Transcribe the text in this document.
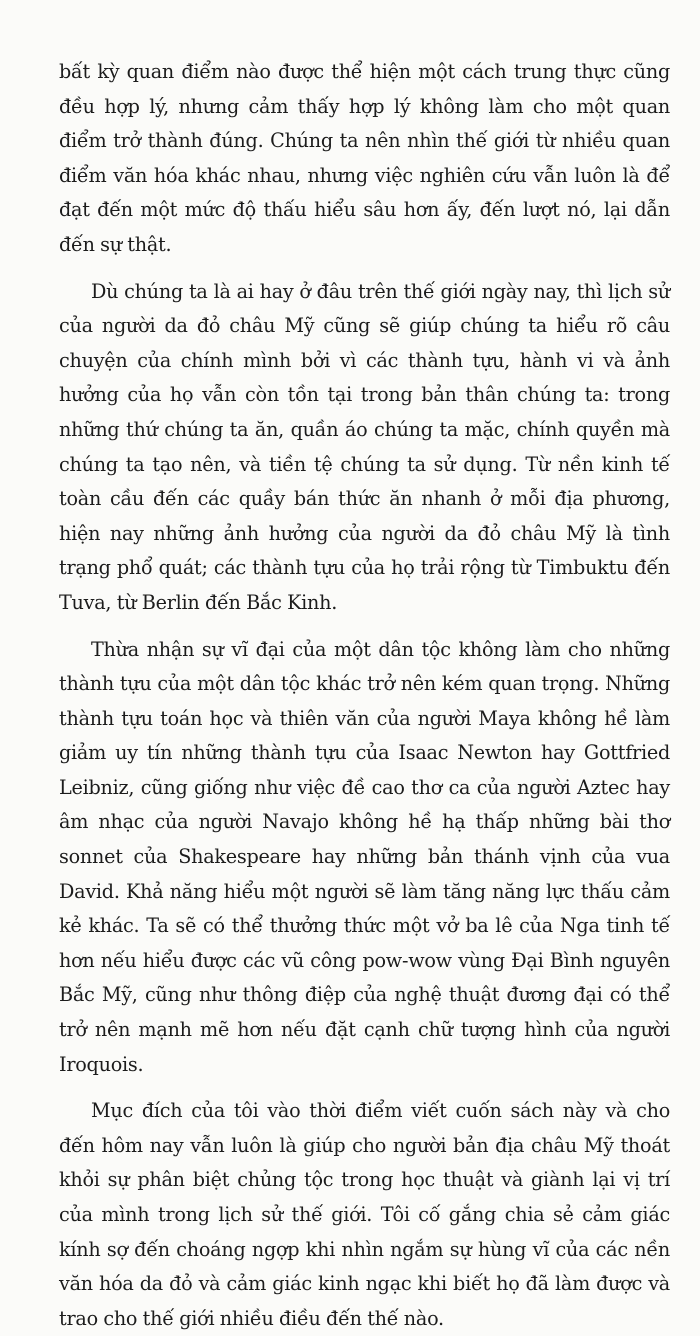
bất kỳ quan điểm nào được thể hiện một cách trung thực cũng đều hợp lý, nhưng cảm thấy hợp lý không làm cho một quan điểm trở thành đúng. Chúng ta nên nhìn thế giới từ nhiều quan điểm văn hóa khác nhau, nhưng việc nghiên cứu vẫn luôn là để đạt đến một mức độ thấu hiểu sâu hơn ấy, đến lượt nó, lại dẫn đến sự thật.

Dù chúng ta là ai hay ở đâu trên thế giới ngày nay, thì lịch sử của người da đỏ châu Mỹ cũng sẽ giúp chúng ta hiểu rõ câu chuyện của chính mình bởi vì các thành tựu, hành vi và ảnh hưởng của họ vẫn còn tồn tại trong bản thân chúng ta: trong những thứ chúng ta ăn, quần áo chúng ta mặc, chính quyền mà chúng ta tạo nên, và tiền tệ chúng ta sử dụng. Từ nền kinh tế toàn cầu đến các quầy bán thức ăn nhanh ở mỗi địa phương, hiện nay những ảnh hưởng của người da đỏ châu Mỹ là tình trạng phổ quát; các thành tựu của họ trải rộng từ Timbuktu đến Tuva, từ Berlin đến Bắc Kinh.

Thừa nhận sự vĩ đại của một dân tộc không làm cho những thành tựu của một dân tộc khác trở nên kém quan trọng. Những thành tựu toán học và thiên văn của người Maya không hề làm giảm uy tín những thành tựu của Isaac Newton hay Gottfried Leibniz, cũng giống như việc đề cao thơ ca của người Aztec hay âm nhạc của người Navajo không hề hạ thấp những bài thơ sonnet của Shakespeare hay những bản thánh vịnh của vua David. Khả năng hiểu một người sẽ làm tăng năng lực thấu cảm kẻ khác. Ta sẽ có thể thưởng thức một vở ba lê của Nga tinh tế hơn nếu hiểu được các vũ công pow-wow vùng Đại Bình nguyên Bắc Mỹ, cũng như thông điệp của nghệ thuật đương đại có thể trở nên mạnh mẽ hơn nếu đặt cạnh chữ tượng hình của người Iroquois.

Mục đích của tôi vào thời điểm viết cuốn sách này và cho đến hôm nay vẫn luôn là giúp cho người bản địa châu Mỹ thoát khỏi sự phân biệt chủng tộc trong học thuật và giành lại vị trí của mình trong lịch sử thế giới. Tôi cố gắng chia sẻ cảm giác kính sợ đến choáng ngợp khi nhìn ngắm sự hùng vĩ của các nền văn hóa da đỏ và cảm giác kinh ngạc khi biết họ đã làm được và trao cho thế giới nhiều điều đến thế nào.
